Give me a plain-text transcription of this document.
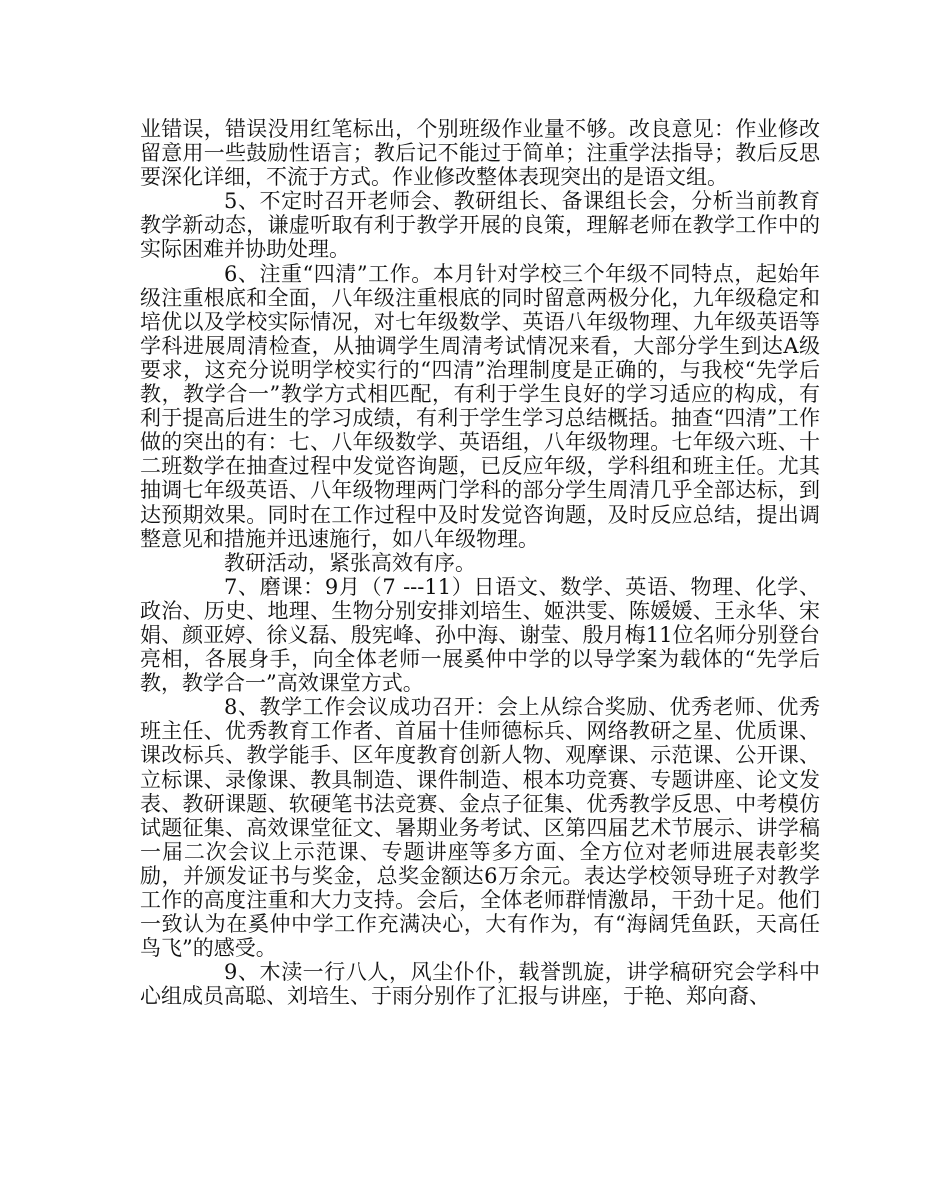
业错误，错误没用红笔标出，个别班级作业量不够。改良意见：作业修改留意用一些鼓励性语言；教后记不能过于简单；注重学法指导；教后反思要深化详细，不流于方式。作业修改整体表现突出的是语文组。

5、不定时召开老师会、教研组长、备课组长会，分析当前教育教学新动态，谦虚听取有利于教学开展的良策，理解老师在教学工作中的实际困难并协助处理。

6、注重“四清”工作。本月针对学校三个年级不同特点，起始年级注重根底和全面，八年级注重根底的同时留意两极分化，九年级稳定和培优以及学校实际情况，对七年级数学、英语八年级物理、九年级英语等学科进展周清检查，从抽调学生周清考试情况来看，大部分学生到达A级要求，这充分说明学校实行的“四清”治理制度是正确的，与我校“先学后教，教学合一”教学方式相匹配，有利于学生良好的学习适应的构成，有利于提高后进生的学习成绩，有利于学生学习总结概括。抽查“四清”工作做的突出的有：七、八年级数学、英语组，八年级物理。七年级六班、十二班数学在抽查过程中发觉咨询题，已反应年级，学科组和班主任。尤其抽调七年级英语、八年级物理两门学科的部分学生周清几乎全部达标，到达预期效果。同时在工作过程中及时发觉咨询题，及时反应总结，提出调整意见和措施并迅速施行，如八年级物理。

教研活动，紧张高效有序。

7、磨课：9月（7 ---11）日语文、数学、英语、物理、化学、政治、历史、地理、生物分别安排刘培生、姬洪雯、陈媛媛、王永华、宋娟、颜亚婷、徐义磊、殷宪峰、孙中海、谢莹、殷月梅11位名师分别登台亮相，各展身手，向全体老师一展奚仲中学的以导学案为载体的“先学后教，教学合一”高效课堂方式。

8、教学工作会议成功召开：会上从综合奖励、优秀老师、优秀班主任、优秀教育工作者、首届十佳师德标兵、网络教研之星、优质课、课改标兵、教学能手、区年度教育创新人物、观摩课、示范课、公开课、立标课、录像课、教具制造、课件制造、根本功竞赛、专题讲座、论文发表、教研课题、软硬笔书法竞赛、金点子征集、优秀教学反思、中考模仿试题征集、高效课堂征文、暑期业务考试、区第四届艺术节展示、讲学稿一届二次会议上示范课、专题讲座等多方面、全方位对老师进展表彰奖励，并颁发证书与奖金，总奖金额达6万余元。表达学校领导班子对教学工作的高度注重和大力支持。会后，全体老师群情激昂，干劲十足。他们一致认为在奚仲中学工作充满决心，大有作为，有“海阔凭鱼跃，天高任鸟飞”的感受。

9、木渎一行八人，风尘仆仆，载誉凯旋，讲学稿研究会学科中心组成员高聪、刘培生、于雨分别作了汇报与讲座，于艳、郑向裔、
